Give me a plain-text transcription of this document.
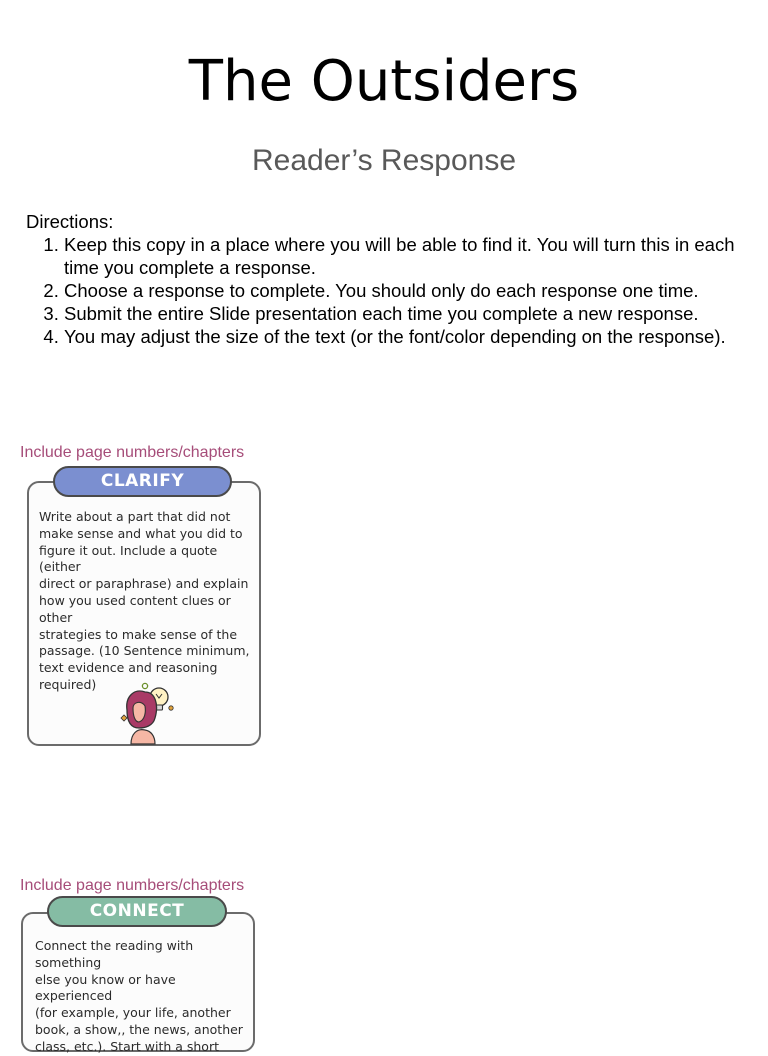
The Outsiders
Reader’s Response
Directions:
1. Keep this copy in a place where you will be able to find it. You will turn this in each time you complete a response.
2. Choose a response to complete. You should only do each response one time.
3. Submit the entire Slide presentation each time you complete a new response.
4. You may adjust the size of the text (or the font/color depending on the response).
Include page numbers/chapters
Write about a part that did not
make sense and what you did to
figure it out. Include a quote (either
direct or paraphrase) and explain
how you used content clues or other
strategies to make sense of the
passage. (10 Sentence minimum,
text evidence and reasoning
required)
CLARIFY
Include page numbers/chapters
Connect the reading with something
else you know or have experienced
(for example, your life, another
book, a show,, the news, another
class, etc.). Start with a short
CONNECT
